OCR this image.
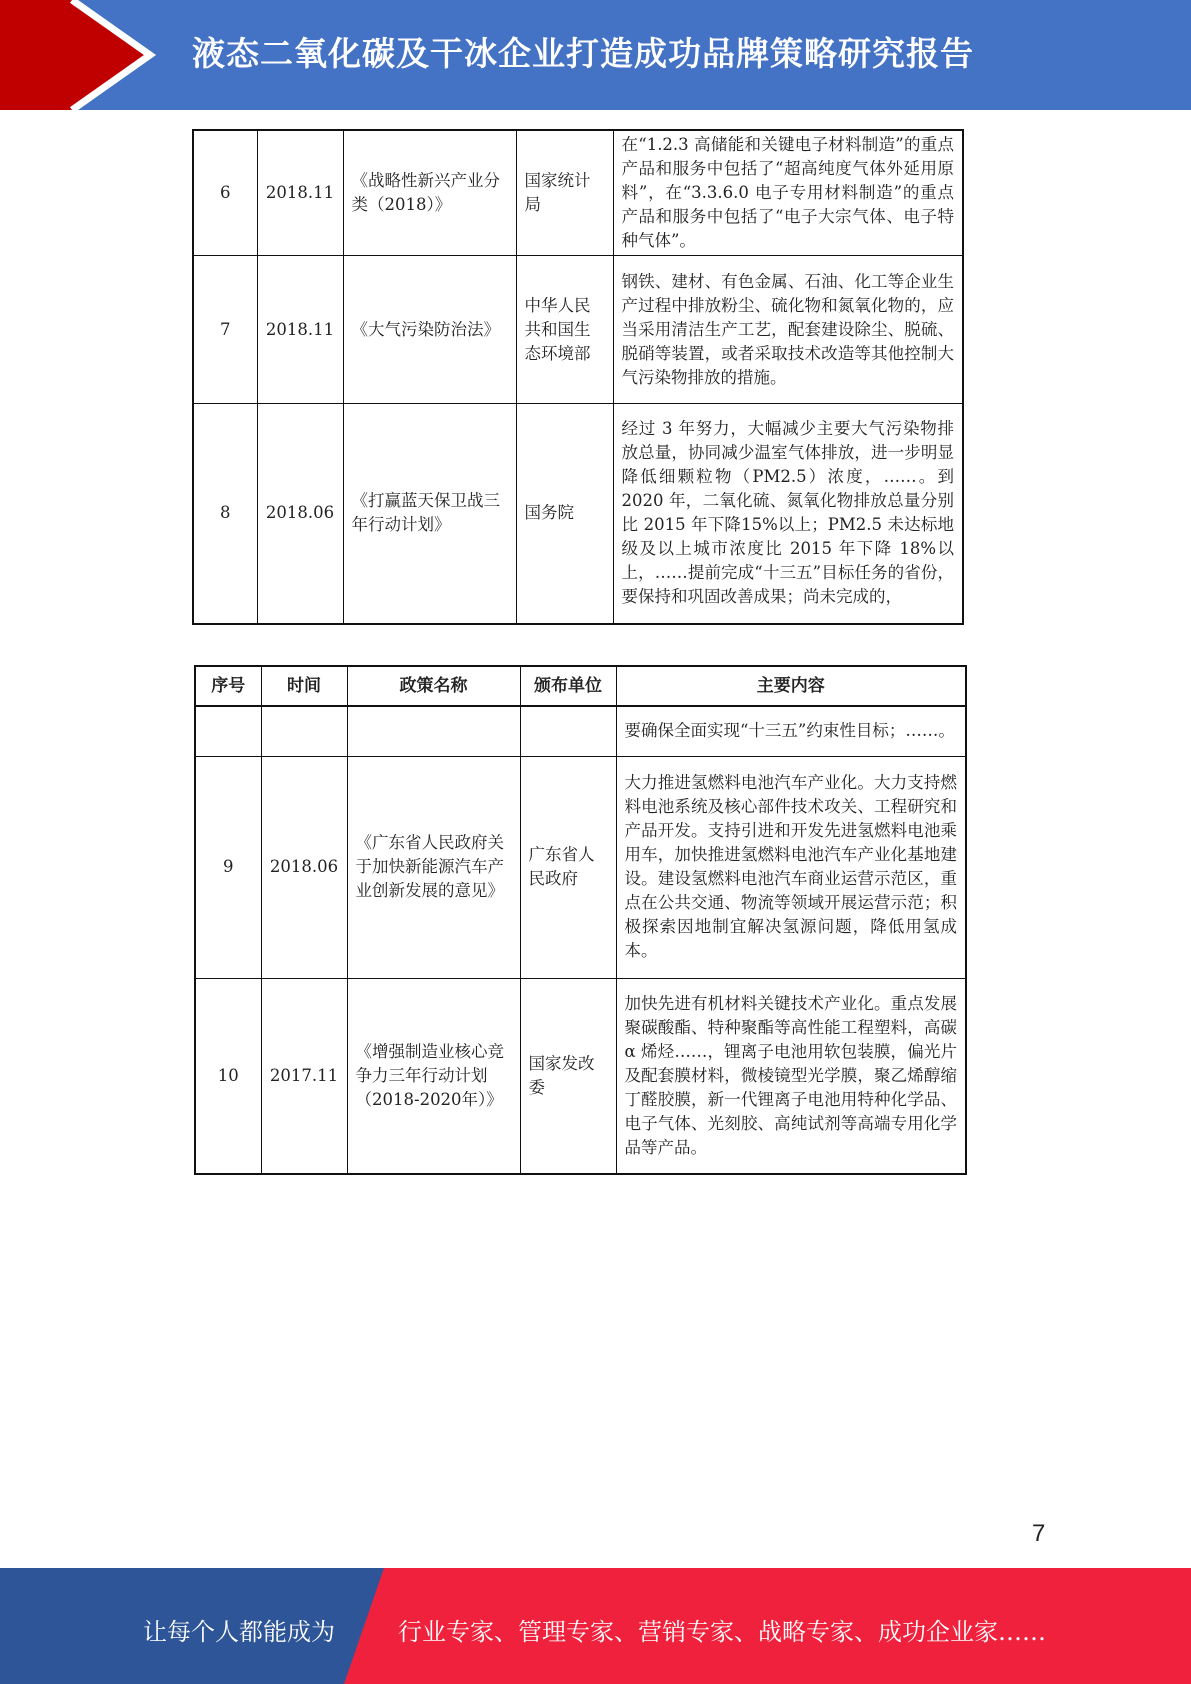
液态二氧化碳及干冰企业打造成功品牌策略研究报告
6	2018.11	《战略性新兴产业分类（2018）》	国家统计局	在“1.2.3 高储能和关键电子材料制造”的重点产品和服务中包括了“超高纯度气体外延用原料”，在“3.3.6.0 电子专用材料制造”的重点产品和服务中包括了“电子大宗气体、电子特种气体”。
7	2018.11	《大气污染防治法》	中华人民共和国生态环境部	钢铁、建材、有色金属、石油、化工等企业生产过程中排放粉尘、硫化物和氮氧化物的，应当采用清洁生产工艺，配套建设除尘、脱硫、脱硝等装置，或者采取技术改造等其他控制大气污染物排放的措施。
8	2018.06	《打赢蓝天保卫战三年行动计划》	国务院	经过 3 年努力，大幅减少主要大气污染物排放总量，协同减少温室气体排放，进一步明显降低细颗粒物（PM2.5）浓度，……。到 2020 年，二氧化硫、氮氧化物排放总量分别比 2015 年下降15%以上；PM2.5 未达标地级及以上城市浓度比 2015 年下降 18%以上，……提前完成“十三五”目标任务的省份，要保持和巩固改善成果；尚未完成的，
序号	时间	政策名称	颁布单位	主要内容
				要确保全面实现“十三五”约束性目标；……。
9	2018.06	《广东省人民政府关于加快新能源汽车产业创新发展的意见》	广东省人民政府	大力推进氢燃料电池汽车产业化。大力支持燃料电池系统及核心部件技术攻关、工程研究和产品开发。支持引进和开发先进氢燃料电池乘用车，加快推进氢燃料电池汽车产业化基地建设。建设氢燃料电池汽车商业运营示范区，重点在公共交通、物流等领域开展运营示范；积极探索因地制宜解决氢源问题，降低用氢成本。
10	2017.11	《增强制造业核心竞争力三年行动计划（2018-2020年）》	国家发改委	加快先进有机材料关键技术产业化。重点发展聚碳酸酯、特种聚酯等高性能工程塑料，高碳 α 烯烃……，锂离子电池用软包装膜，偏光片及配套膜材料，微棱镜型光学膜，聚乙烯醇缩丁醛胶膜，新一代锂离子电池用特种化学品、电子气体、光刻胶、高纯试剂等高端专用化学品等产品。
7
让每个人都能成为	行业专家、管理专家、营销专家、战略专家、成功企业家……
